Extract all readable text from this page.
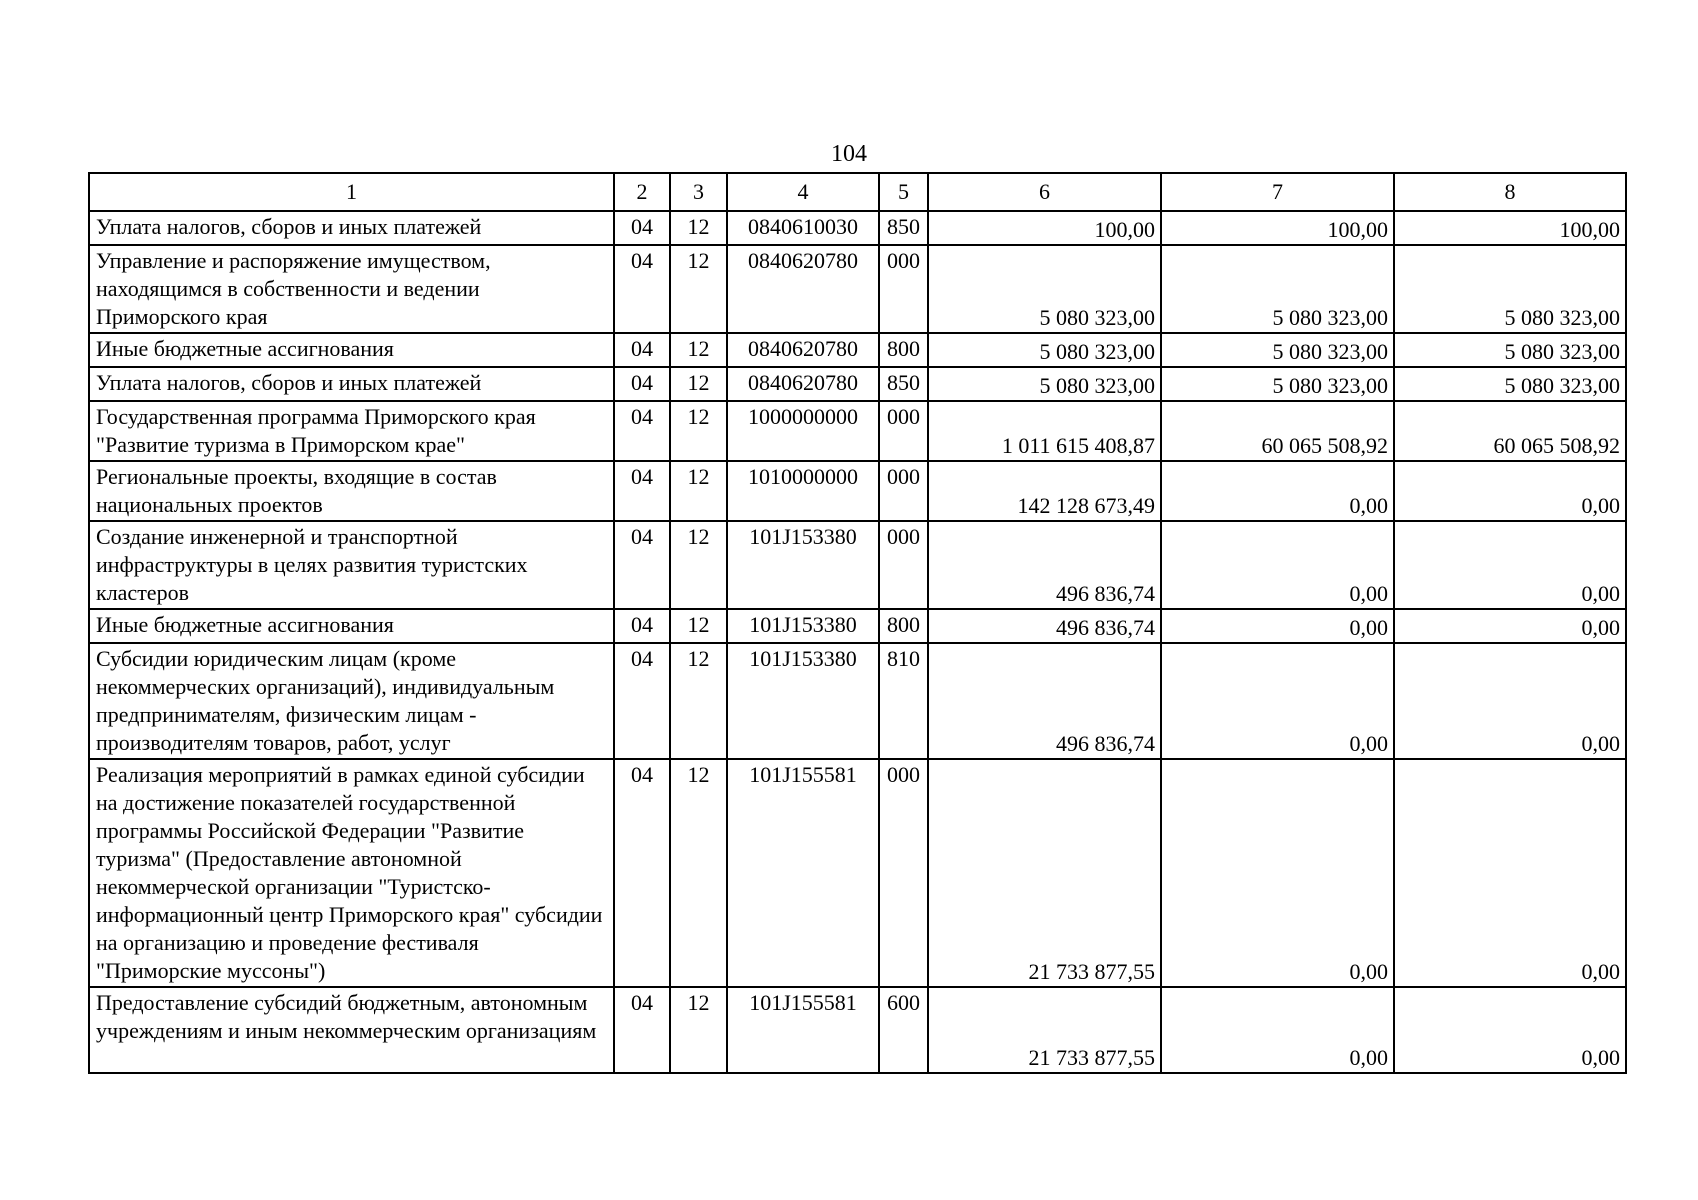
104
1	2	3	4	5	6	7	8
Уплата налогов, сборов и иных платежей	04	12	0840610030	850	100,00	100,00	100,00
Управление и распоряжение имуществом, находящимся в собственности и ведении Приморского края	04	12	0840620780	000	5 080 323,00	5 080 323,00	5 080 323,00
Иные бюджетные ассигнования	04	12	0840620780	800	5 080 323,00	5 080 323,00	5 080 323,00
Уплата налогов, сборов и иных платежей	04	12	0840620780	850	5 080 323,00	5 080 323,00	5 080 323,00
Государственная программа Приморского края "Развитие туризма в Приморском крае"	04	12	1000000000	000	1 011 615 408,87	60 065 508,92	60 065 508,92
Региональные проекты, входящие в состав национальных проектов	04	12	1010000000	000	142 128 673,49	0,00	0,00
Создание инженерной и транспортной инфраструктуры в целях развития туристских кластеров	04	12	101J153380	000	496 836,74	0,00	0,00
Иные бюджетные ассигнования	04	12	101J153380	800	496 836,74	0,00	0,00
Субсидии юридическим лицам (кроме некоммерческих организаций), индивидуальным предпринимателям, физическим лицам - производителям товаров, работ, услуг	04	12	101J153380	810	496 836,74	0,00	0,00
Реализация мероприятий в рамках единой субсидии на достижение показателей государственной программы Российской Федерации "Развитие туризма" (Предоставление автономной некоммерческой организации "Туристско-информационный центр Приморского края" субсидии на организацию и проведение фестиваля "Приморские муссоны")	04	12	101J155581	000	21 733 877,55	0,00	0,00
Предоставление субсидий бюджетным, автономным учреждениям и иным некоммерческим организациям	04	12	101J155581	600	21 733 877,55	0,00	0,00
